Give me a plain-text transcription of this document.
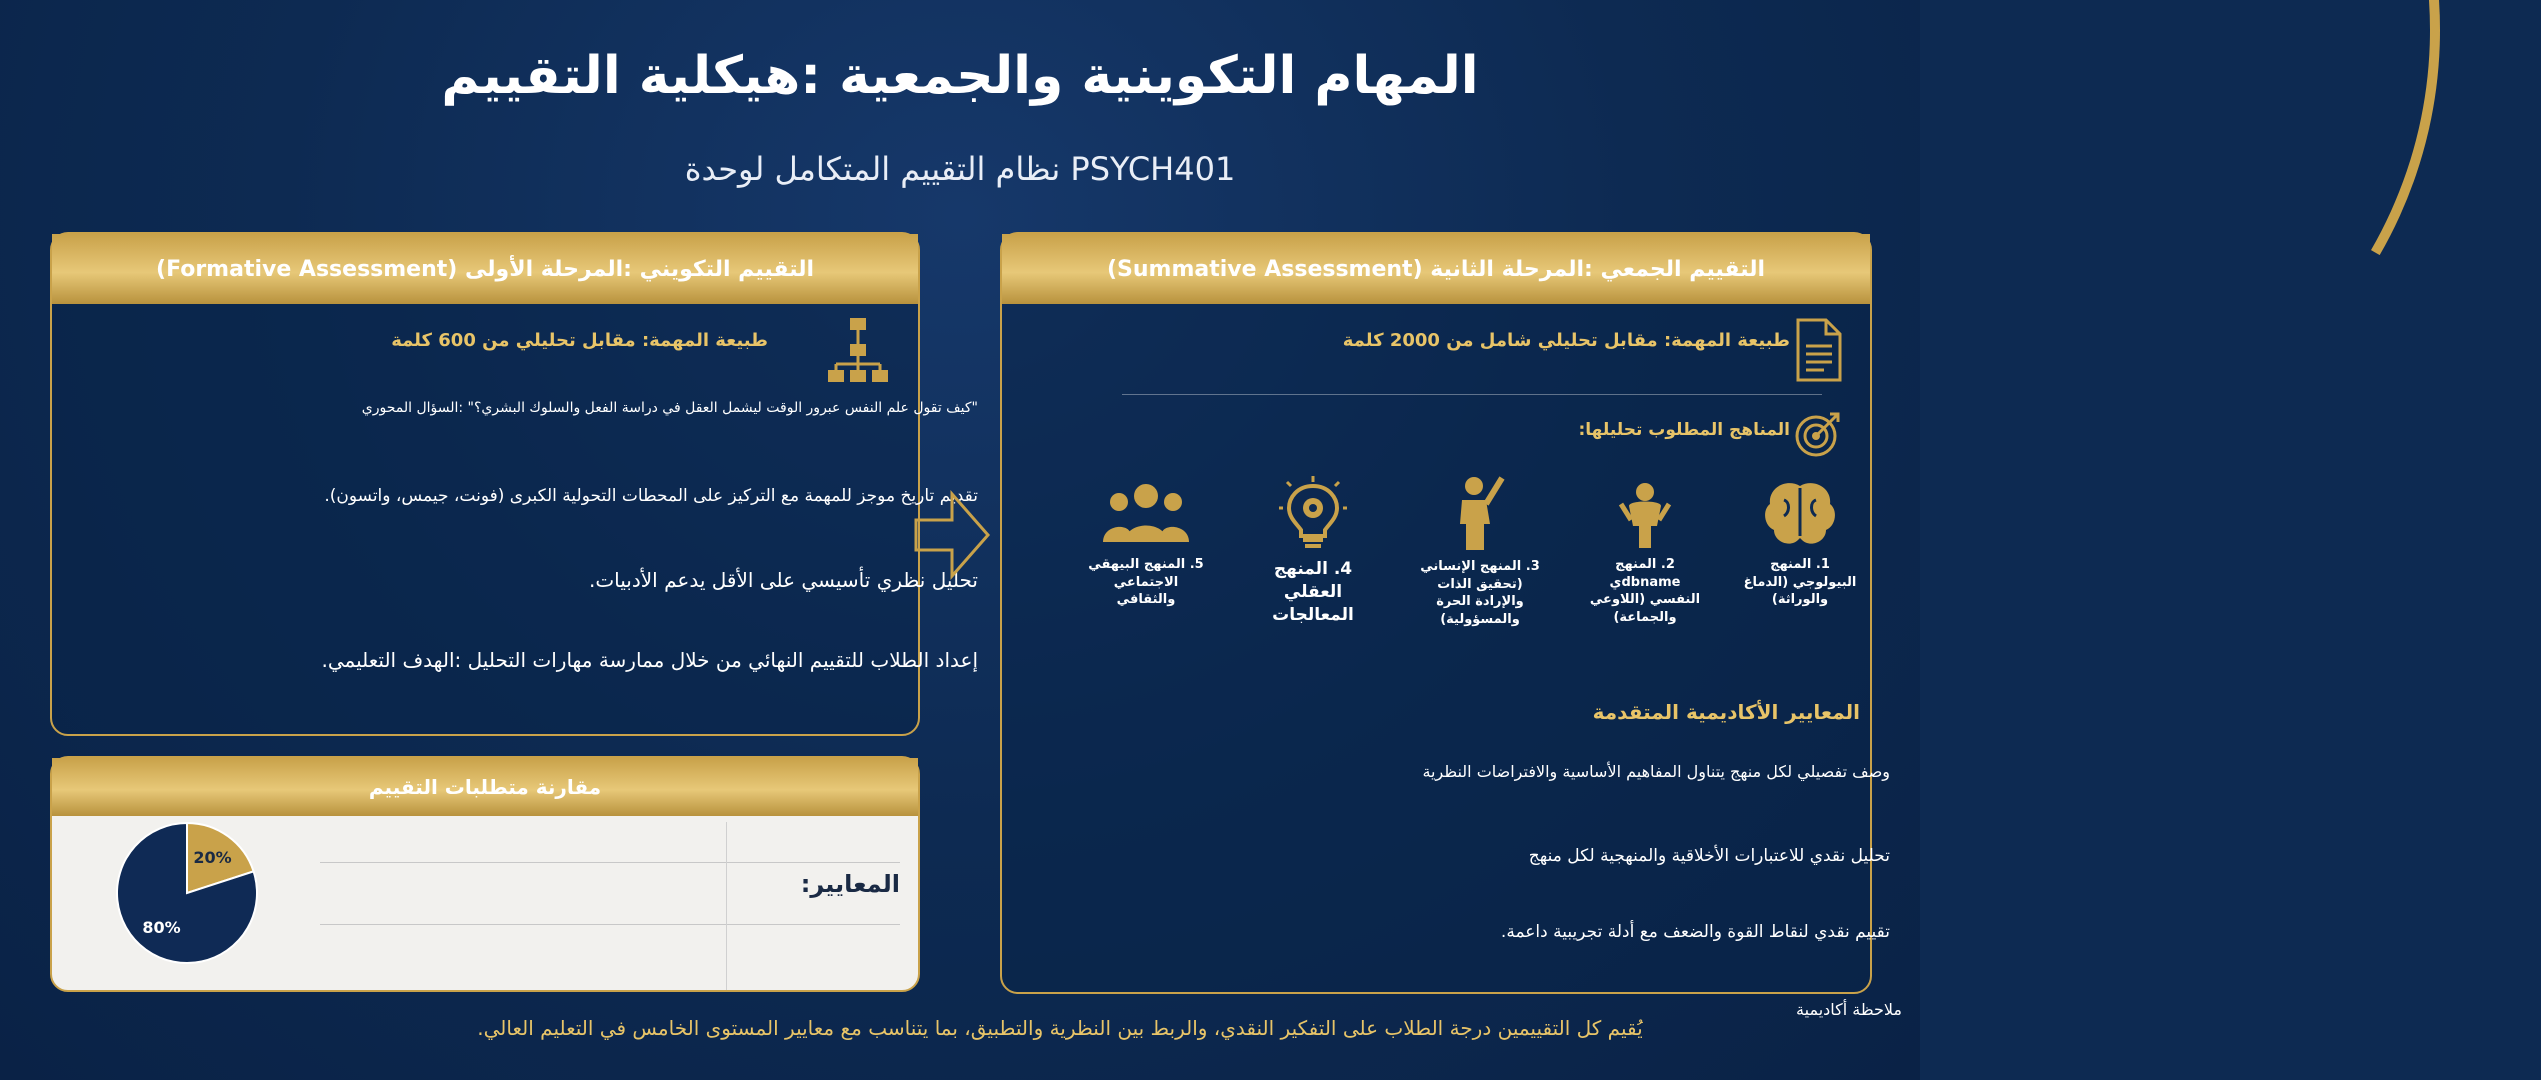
المهام التكوينية والجمعية :هيكلية التقييم
نظام التقييم المتكامل لوحدة PSYCH401
التقييم التكويني :المرحلة الأولى (Formative Assessment)
طبيعة المهمة: مقابل تحليلي من 600 كلمة
"كيف تقول علم النفس عبرور الوقت ليشمل العقل في دراسة الفعل والسلوك البشري؟" :السؤال المحوري
تقديم تاريخ موجز للمهمة مع التركيز على المحطات التحولية الكبرى (فونت، جيمس، واتسون).
تحليل نظري تأسيسي على الأقل يدعم الأدبيات.
إعداد الطلاب للتقييم النهائي من خلال ممارسة مهارات التحليل :الهدف التعليمي.
مقارنة متطلبات التقييم
المعايير:
20%
80%
التقييم الجمعي :المرحلة الثانية (Summative Assessment)
طبيعة المهمة: مقابل تحليلي شامل من 2000 كلمة
المناهج المطلوب تحليلها:
1. المنهج البيولوجي (الدماغ والوراثة)
2. المنهج dbnameي النفسي (اللاوعي والجماعة)
3. المنهج الإنساني (تحقيق الذات والإرادة الحرة والمسؤولية)
4. المنهج العقلي المعالجات
5. المنهج البيهقي الاجتماعي والثقافي
المعايير الأكاديمية المتقدمة
وصف تفصيلي لكل منهج يتناول المفاهيم الأساسية والافتراضات النظرية
تحليل نقدي للاعتبارات الأخلاقية والمنهجية لكل منهج
تقييم نقدي لنقاط القوة والضعف مع أدلة تجريبية داعمة.
ملاحظة أكاديمية
يُقيم كل التقييمين درجة الطلاب على التفكير النقدي، والربط بين النظرية والتطبيق، بما يتناسب مع معايير المستوى الخامس في التعليم العالي.
